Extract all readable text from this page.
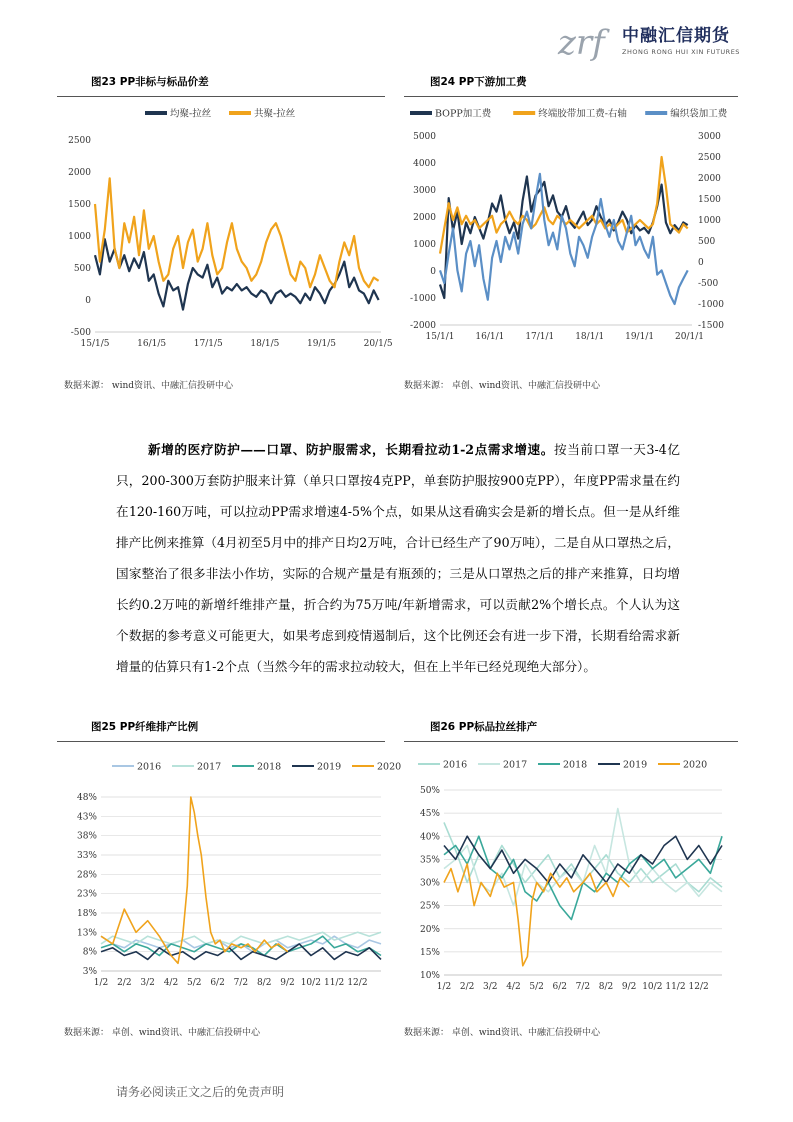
zrf	中融汇信期货
ZHONG RONG HUI XIN FUTURES
图23 PP非标与标品价差
-500
0
500
1000
1500
2000
2500
15/1/5	16/1/5	17/1/5	18/1/5	19/1/5	20/1/5
均聚-拉丝	共聚-拉丝
数据来源： wind资讯、中融汇信投研中心
图24 PP下游加工费
-2000
-1000
0
1000
2000
3000
4000
5000
-1500
-1000
-500
0
500
1000
1500
2000
2500
3000
15/1/1 16/1/1 17/1/1 18/1/1 19/1/1 20/1/1
BOPP加工费	终端胶带加工费-右轴	编织袋加工费
数据来源： 卓创、wind资讯、中融汇信投研中心
新增的医疗防护——口罩、防护服需求，长期看拉动1-2点需求增速。按当前口罩一天3-4亿只，200-300万套防护服来计算（单只口罩按4克PP，单套防护服按900克PP），年度PP需求量在约在120-160万吨，可以拉动PP需求增速4-5%个点，如果从这看确实会是新的增长点。但一是从纤维排产比例来推算（4月初至5月中的排产日均2万吨，合计已经生产了90万吨），二是自从口罩热之后，国家整治了很多非法小作坊，实际的合规产量是有瓶颈的；三是从口罩热之后的排产来推算，日均增长约0.2万吨的新增纤维排产量，折合约为75万吨/年新增需求，可以贡献2%个增长点。个人认为这个数据的参考意义可能更大，如果考虑到疫情遏制后，这个比例还会有进一步下滑，长期看给需求新增量的估算只有1-2个点（当然今年的需求拉动较大，但在上半年已经兑现绝大部分）。
图25 PP纤维排产比例
3%
8%
13%
18%
23%
28%
33%
38%
43%
48%
1/2 2/2 3/2 4/2 5/2 6/2 7/2 8/2 9/2 10/2 11/2 12/2
2016	2017	2018	2019	2020
数据来源： 卓创、wind资讯、中融汇信投研中心
图26 PP标品拉丝排产
10%
15%
20%
25%
30%
35%
40%
45%
50%
1/2 2/2 3/2 4/2 5/2 6/2 7/2 8/2 9/2 10/2 11/2 12/2
2016	2017	2018	2019	2020
数据来源： 卓创、wind资讯、中融汇信投研中心
请务必阅读正文之后的免责声明
